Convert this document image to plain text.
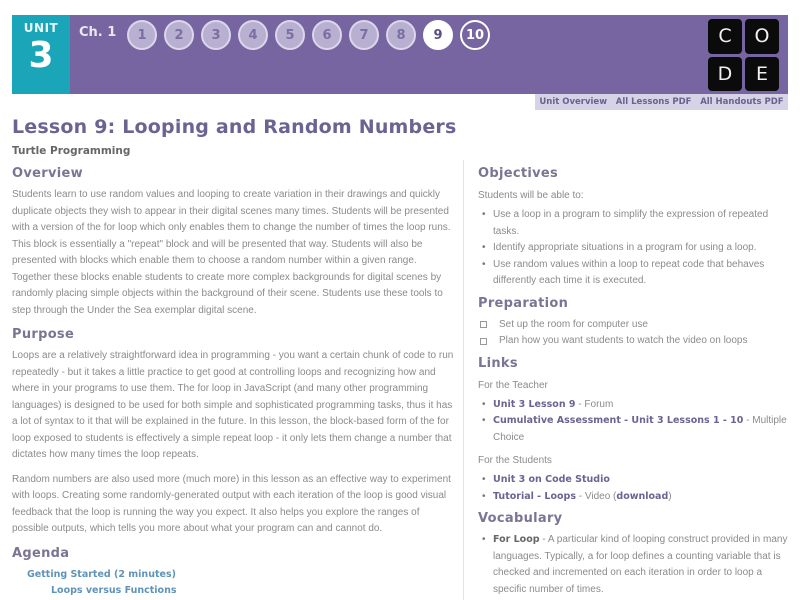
UNIT
3
Ch. 1	1	2	3	4	5	6	7	8	9	10	C	O
D	E
Unit Overview All Lessons PDF All Handouts PDF
Lesson 9: Looping and Random Numbers
Turtle Programming
Overview

Students learn to use random values and looping to create variation in their drawings and quickly duplicate objects they wish to appear in their digital scenes many times. Students will be presented with a version of the for loop which only enables them to change the number of times the loop runs. This block is essentially a "repeat" block and will be presented that way. Students will also be presented with blocks which enable them to choose a random number within a given range. Together these blocks enable students to create more complex backgrounds for digital scenes by randomly placing simple objects within the background of their scene. Students use these tools to step through the Under the Sea exemplar digital scene.

Purpose

Loops are a relatively straightforward idea in programming - you want a certain chunk of code to run repeatedly - but it takes a little practice to get good at controlling loops and recognizing how and where in your programs to use them. The for loop in JavaScript (and many other programming languages) is designed to be used for both simple and sophisticated programming tasks, thus it has a lot of syntax to it that will be explained in the future. In this lesson, the block-based form of the for loop exposed to students is effectively a simple repeat loop - it only lets them change a number that dictates how many times the loop repeats.

Random numbers are also used more (much more) in this lesson as an effective way to experiment with loops. Creating some randomly-generated output with each iteration of the loop is good visual feedback that the loop is running the way you expect. It also helps you explore the ranges of possible outputs, which tells you more about what your program can and cannot do.

Agenda
Getting Started (2 minutes)
Loops versus Functions
Objectives
Students will be able to:
• Use a loop in a program to simplify the expression of repeated tasks.
• Identify appropriate situations in a program for using a loop.
• Use random values within a loop to repeat code that behaves differently each time it is executed.
Preparation
Set up the room for computer use
Plan how you want students to watch the video on loops
Links
For the Teacher
• Unit 3 Lesson 9 - Forum
• Cumulative Assessment - Unit 3 Lessons 1 - 10 - Multiple Choice
For the Students
• Unit 3 on Code Studio
• Tutorial - Loops - Video (download)
Vocabulary
• For Loop - A particular kind of looping construct provided in many languages. Typically, a for loop defines a counting variable that is checked and incremented on each iteration in order to loop a specific number of times.
